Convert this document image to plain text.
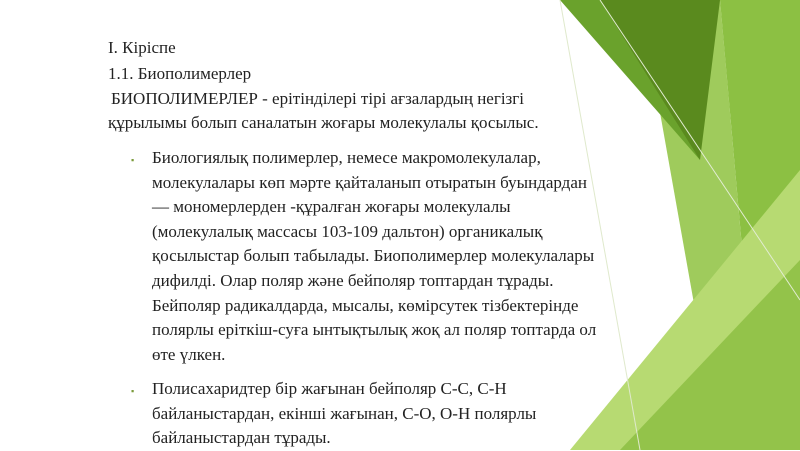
I. Кіріспе
1.1. Биополимерлер
БИОПОЛИМЕРЛЕР - ерітінділері тірі ағзалардың негізгі
құрылымы болып саналатын жоғары молекулалы қосылыс.
▪ Биологиялық полимерлер, немесе макромолекулалар,
молекулалары көп мәрте қайталанып отыратын буындардан
— мономерлерден -құралған жоғары молекулалы
(молекулалық массасы 103-109 дальтон) органикалық
қосылыстар болып табылады. Биополимерлер молекулалары
дифилді. Олар поляр және бейполяр топтардан тұрады.
Бейполяр радикалдарда, мысалы, көмірсутек тізбектерінде
полярлы еріткіш-суға ынтықтылық жоқ ал поляр топтарда ол
өте үлкен.
▪ Полисахаридтер бір жағынан бейполяр С-С, С-Н
байланыстардан, екінші жағынан, С-О, О-Н полярлы
байланыстардан тұрады.
